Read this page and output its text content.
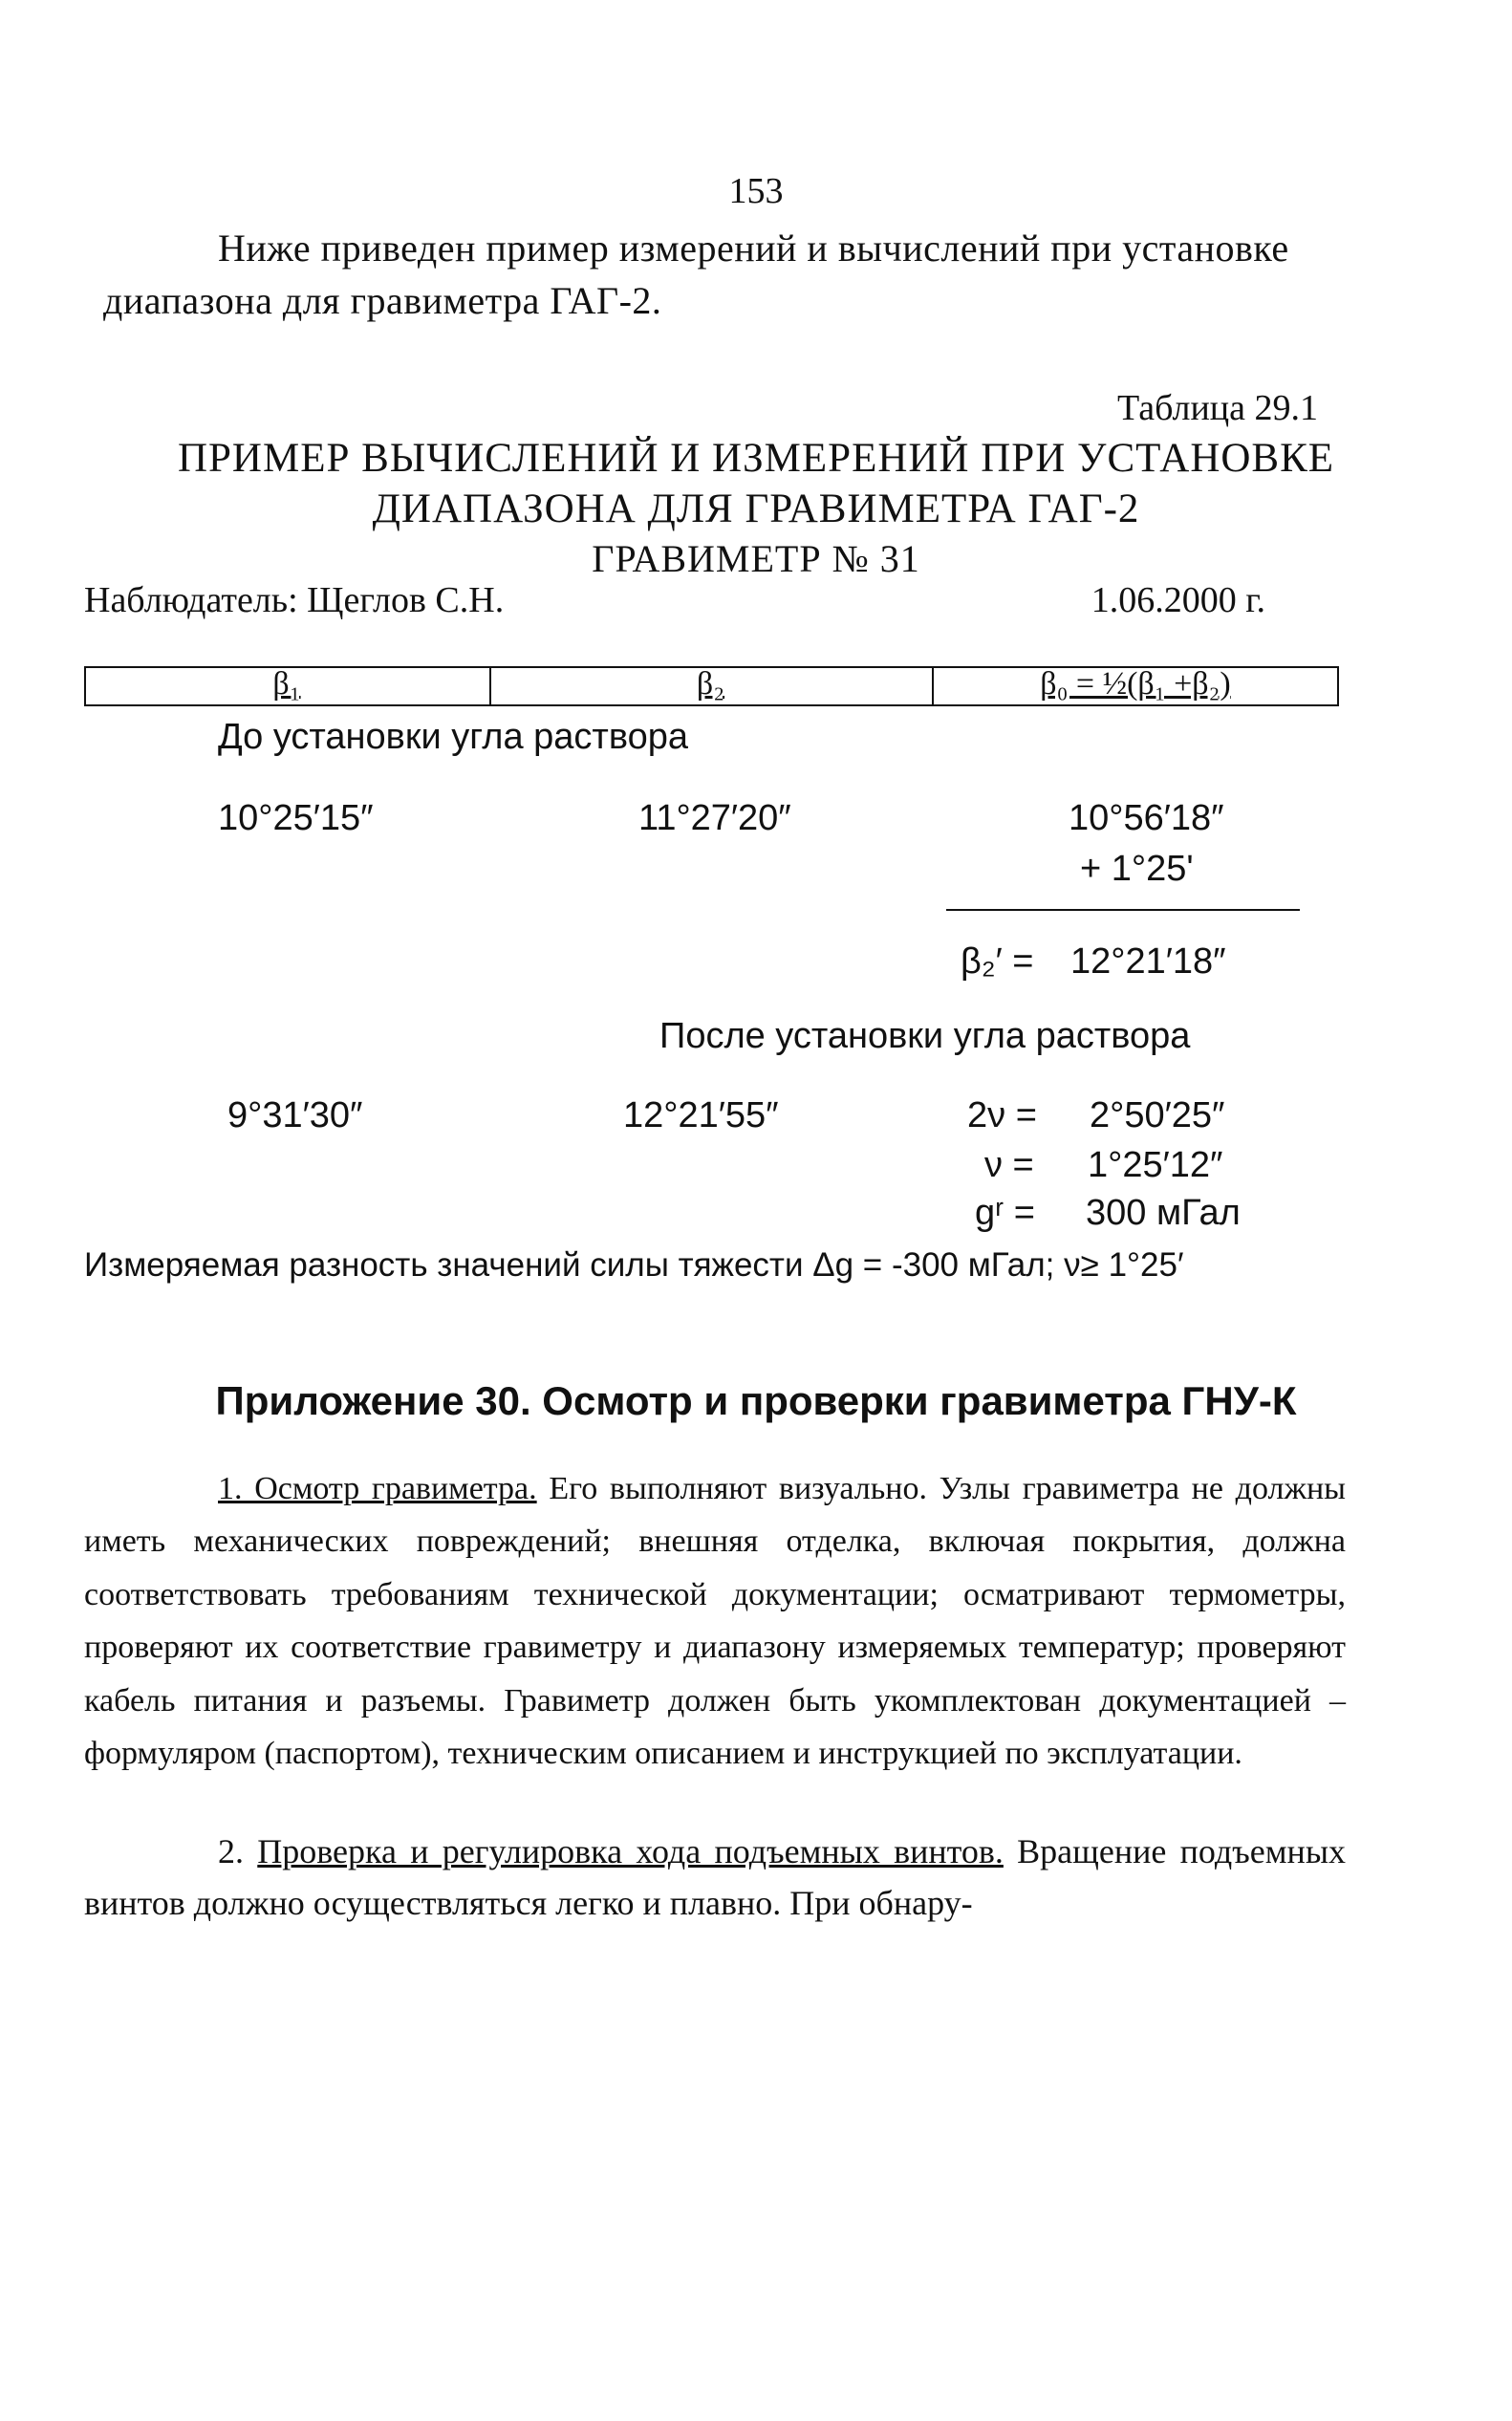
153
Ниже приведен пример измерений и вычислений при установке
диапазона для гравиметра ГАГ-2.
Таблица 29.1
ПРИМЕР ВЫЧИСЛЕНИЙ И ИЗМЕРЕНИЙ ПРИ УСТАНОВКЕ
ДИАПАЗОНА ДЛЯ ГРАВИМЕТРА ГАГ-2
ГРАВИМЕТР № 31
Наблюдатель: Щеглов С.Н.	1.06.2000 г.
β₁	β₂	β₀ = ½(β₁ +β₂)
До установки угла раствора
10°25′15″	11°27′20″	10°56′18″
+ 1°25'
β₂′ = 12°21′18″
После установки угла раствора
9°31′30″	12°21′55″	2ν = 2°50′25″
ν = 1°25′12″
gʳ = 300 мГал
Измеряемая разность значений силы тяжести Δg = -300 мГал; ν≥ 1°25′
Приложение 30. Осмотр и проверки гравиметра ГНУ-К
1. Осмотр гравиметра. Его выполняют визуально. Узлы гравиметра не должны иметь механических повреждений; внешняя отделка, включая покрытия, должна соответствовать требованиям технической документации; осматривают термометры, проверяют их соответствие гравиметру и диапазону измеряемых температур; проверяют кабель питания и разъемы. Гравиметр должен быть укомплектован документацией – формуляром (паспортом), техническим описанием и инструкцией по эксплуатации.
2. Проверка и регулировка хода подъемных винтов. Вращение подъемных винтов должно осуществляться легко и плавно. При обнару-
